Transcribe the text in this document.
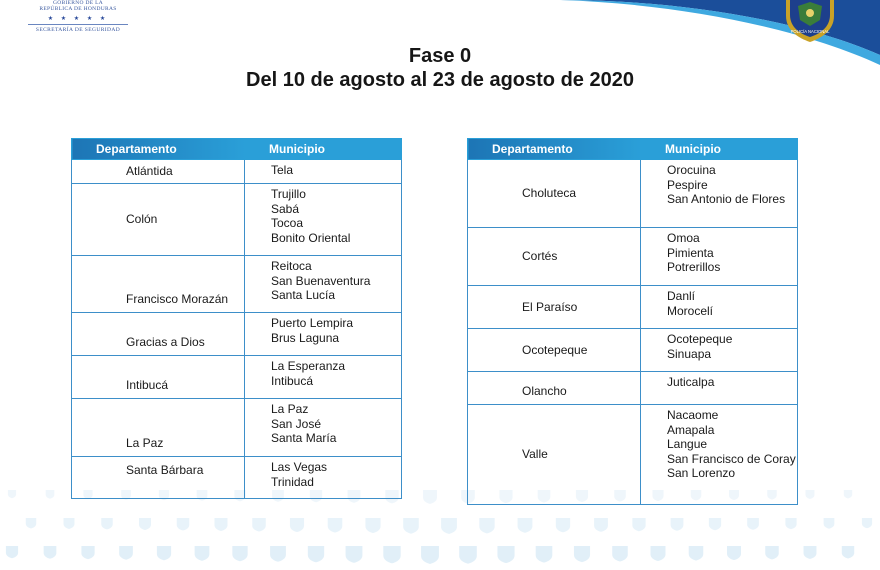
GOBIERNO DE LA
REPÚBLICA DE HONDURAS
★ ★ ★ ★ ★
SECRETARÍA DE SEGURIDAD	POLICÍA NACIONAL
Fase 0
Del 10 de agosto al 23 de agosto de 2020
Departamento	Municipio
Atlántida	Tela

Colón	Trujillo
Sabá
Tocoa
Bonito Oriental

Francisco Morazán	Reitoca
San Buenaventura
Santa Lucía

Gracias a Dios	Puerto Lempira
Brus Laguna

Intibucá	La Esperanza
Intibucá

La Paz	La Paz
San José
Santa María

Santa Bárbara	Las Vegas
Trinidad
Departamento	Municipio
Choluteca	Orocuina
Pespire
San Antonio de Flores

Cortés	Omoa
Pimienta
Potrerillos

El Paraíso	Danlí
Morocelí

Ocotepeque	Ocotepeque
Sinuapa

Olancho	Juticalpa

Valle	Nacaome
Amapala
Langue
San Francisco de Coray
San Lorenzo
